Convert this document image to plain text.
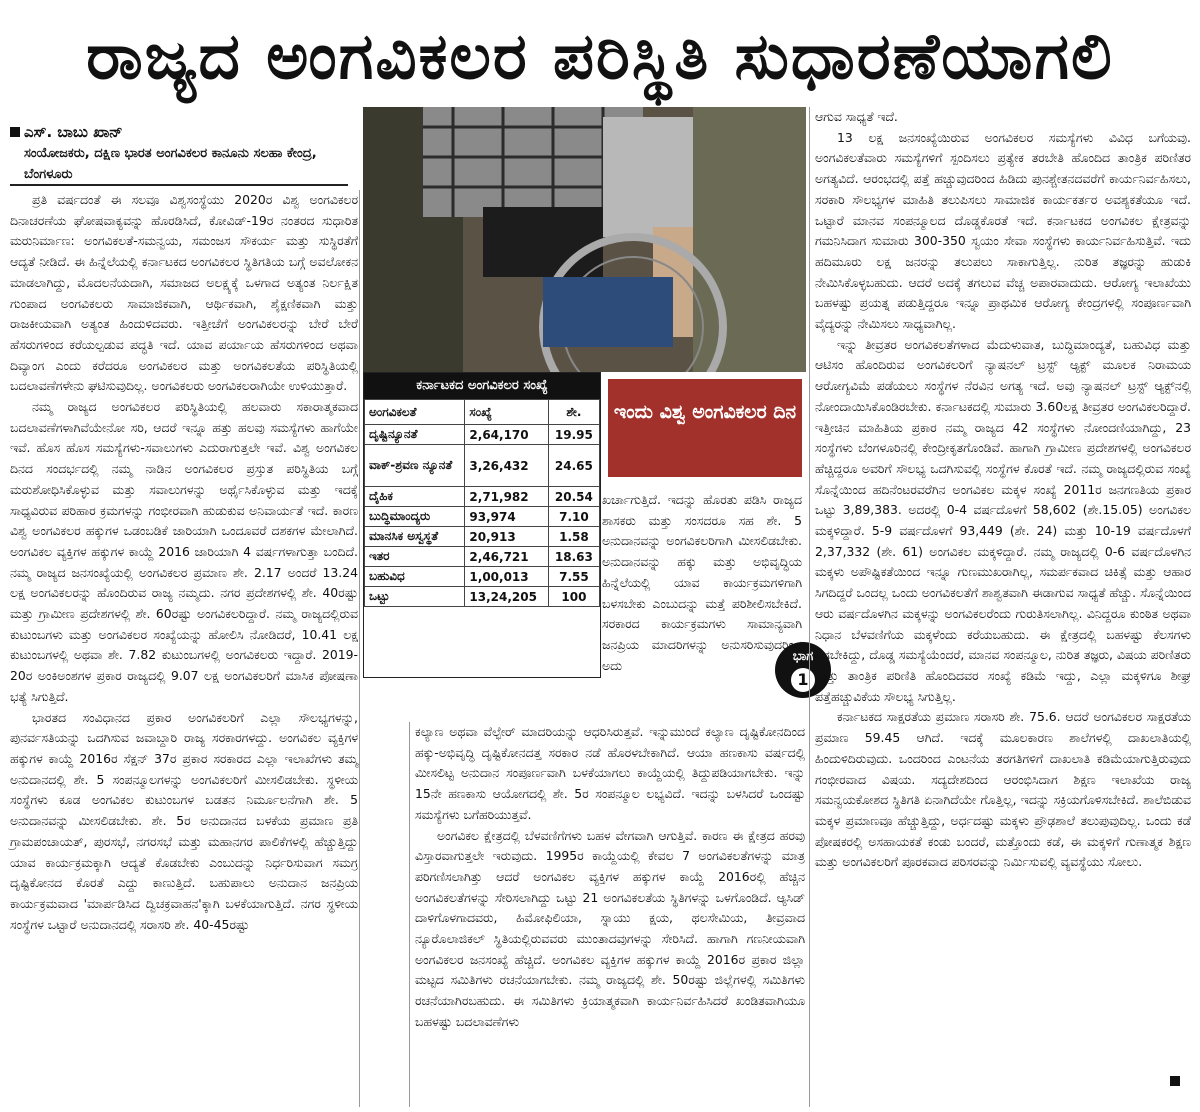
ರಾಜ್ಯದ ಅಂಗವಿಕಲರ ಪರಿಸ್ಥಿತಿ ಸುಧಾರಣೆಯಾಗಲಿ
ಎಸ್. ಬಾಬು ಖಾನ್
ಸಂಯೋಜಕರು, ದಕ್ಷಿಣ ಭಾರತ ಅಂಗವಿಕಲರ ಕಾನೂನು ಸಲಹಾ ಕೇಂದ್ರ, ಬೆಂಗಳೂರು
ಕರ್ನಾಟಕದ ಅಂಗವಿಕಲರ ಸಂಖ್ಯೆ
ಅಂಗವಿಕಲತೆ	ಸಂಖ್ಯೆ	ಶೇ.
ದೃಷ್ಟಿನ್ಯೂನತೆ	2,64,170	19.95
ವಾಕ್-ಶ್ರವಣ ನ್ಯೂನತೆ	3,26,432	24.65
ದೈಹಿಕ	2,71,982	20.54
ಬುದ್ಧಿಮಾಂದ್ಯರು	93,974	7.10
ಮಾನಸಿಕ ಅಸ್ವಸ್ಥತೆ	20,913	1.58
ಇತರ	2,46,721	18.63
ಬಹುವಿಧ	1,00,013	7.55
ಒಟ್ಟು	13,24,205	100
ಇಂದು ವಿಶ್ವ ಅಂಗವಿಕಲರ ದಿನ
ಭಾಗ
1

ಪ್ರತಿ ವರ್ಷದಂತೆ ಈ ಸಲವೂ ವಿಶ್ವಸಂಸ್ಥೆಯು 2020ರ ವಿಶ್ವ ಅಂಗವಿಕಲರ ದಿನಾಚರಣೆಯ ಘೋಷವಾಕ್ಯವನ್ನು ಹೊರಡಿಸಿದೆ, ಕೋವಿಡ್-19ರ ನಂತರದ ಸುಧಾರಿತ ಮರುನಿರ್ಮಾಣ: ಅಂಗವಿಕಲತೆ-ಸಮನ್ವಯ, ಸಮಂಜಸ ಸೌಕರ್ಯ ಮತ್ತು ಸುಸ್ಥಿರತೆಗೆ ಆದ್ಯತೆ ನೀಡಿದೆ. ಈ ಹಿನ್ನೆಲೆಯಲ್ಲಿ ಕರ್ನಾಟಕದ ಅಂಗವಿಕಲರ ಸ್ಥಿತಿಗತಿಯ ಬಗ್ಗೆ ಅವಲೋಕನ ಮಾಡಲಾಗಿದ್ದು, ಮೊದಲನೆಯದಾಗಿ, ಸಮಾಜದ ಅಲಕ್ಷ್ಯಕ್ಕೆ ಒಳಗಾದ ಅತ್ಯಂತ ನಿರ್ಲಕ್ಷಿತ ಗುಂಪಾದ ಅಂಗವಿಕಲರು ಸಾಮಾಜಿಕವಾಗಿ, ಆರ್ಥಿಕವಾಗಿ, ಶೈಕ್ಷಣಿಕವಾಗಿ ಮತ್ತು ರಾಜಕೀಯವಾಗಿ ಅತ್ಯಂತ ಹಿಂದುಳಿದವರು. ಇತ್ತೀಚೆಗೆ ಅಂಗವಿಕಲರನ್ನು ಬೇರೆ ಬೇರೆ ಹೆಸರುಗಳಿಂದ ಕರೆಯಲ್ಪಡುವ ಪದ್ಧತಿ ಇದೆ. ಯಾವ ಪರ್ಯಾಯ ಹೆಸರುಗಳಿಂದ ಅಥವಾ ದಿವ್ಯಾಂಗ ಎಂದು ಕರೆದರೂ ಅಂಗವಿಕಲರ ಮತ್ತು ಅಂಗವಿಕಲತೆಯ ಪರಿಸ್ಥಿತಿಯಲ್ಲಿ ಬದಲಾವಣೆಗಳೇನು ಘಟಿಸುವುದಿಲ್ಲ. ಅಂಗವಿಕಲರು ಅಂಗವಿಕಲರಾಗಿಯೇ ಉಳಿಯುತ್ತಾರೆ.

ನಮ್ಮ ರಾಜ್ಯದ ಅಂಗವಿಕಲರ ಪರಿಸ್ಥಿತಿಯಲ್ಲಿ ಹಲವಾರು ಸಕಾರಾತ್ಮಕವಾದ ಬದಲಾವಣೆಗಳಾಗಿವೆಯೇನೋ ಸರಿ, ಆದರೆ ಇನ್ನೂ ಹತ್ತು ಹಲವು ಸಮಸ್ಯೆಗಳು ಹಾಗೆಯೇ ಇವೆ. ಹೊಸ ಹೊಸ ಸಮಸ್ಯೆಗಳು-ಸವಾಲುಗಳು ಎದುರಾಗುತ್ತಲೇ ಇವೆ. ವಿಶ್ವ ಅಂಗವಿಕಲ ದಿನದ ಸಂದರ್ಭದಲ್ಲಿ ನಮ್ಮ ನಾಡಿನ ಅಂಗವಿಕಲರ ಪ್ರಸ್ತುತ ಪರಿಸ್ಥಿತಿಯ ಬಗ್ಗೆ ಮರುಶೋಧಿಸಿಕೊಳ್ಳುವ ಮತ್ತು ಸವಾಲುಗಳನ್ನು ಅರ್ಥೈಸಿಕೊಳ್ಳುವ ಮತ್ತು ಇದಕ್ಕೆ ಸಾಧ್ಯವಿರುವ ಪರಿಹಾರ ಕ್ರಮಗಳನ್ನು ಗಂಭೀರವಾಗಿ ಹುಡುಕುವ ಅನಿವಾರ್ಯತೆ ಇದೆ. ಕಾರಣ ವಿಶ್ವ ಅಂಗವಿಕಲರ ಹಕ್ಕುಗಳ ಒಡಂಬಡಿಕೆ ಜಾರಿಯಾಗಿ ಒಂದೂವರೆ ದಶಕಗಳ ಮೇಲಾಗಿದೆ. ಅಂಗವಿಕಲ ವ್ಯಕ್ತಿಗಳ ಹಕ್ಕುಗಳ ಕಾಯ್ದೆ 2016 ಜಾರಿಯಾಗಿ 4 ವರ್ಷಗಳಾಗುತ್ತಾ ಬಂದಿದೆ. ನಮ್ಮ ರಾಜ್ಯದ ಜನಸಂಖ್ಯೆಯಲ್ಲಿ ಅಂಗವಿಕಲರ ಪ್ರಮಾಣ ಶೇ. 2.17 ಅಂದರೆ 13.24 ಲಕ್ಷ ಅಂಗವಿಕಲರನ್ನು ಹೊಂದಿರುವ ರಾಜ್ಯ ನಮ್ಮದು. ನಗರ ಪ್ರದೇಶಗಳಲ್ಲಿ ಶೇ. 40ರಷ್ಟು ಮತ್ತು ಗ್ರಾಮೀಣ ಪ್ರದೇಶಗಳಲ್ಲಿ ಶೇ. 60ರಷ್ಟು ಅಂಗವಿಕಲರಿದ್ದಾರೆ. ನಮ್ಮ ರಾಜ್ಯದಲ್ಲಿರುವ ಕುಟುಂಬಗಳು ಮತ್ತು ಅಂಗವಿಕಲರ ಸಂಖ್ಯೆಯನ್ನು ಹೋಲಿಸಿ ನೋಡಿದರೆ, 10.41 ಲಕ್ಷ ಕುಟುಂಬಗಳಲ್ಲಿ ಅಥವಾ ಶೇ. 7.82 ಕುಟುಂಬಗಳಲ್ಲಿ ಅಂಗವಿಕಲರು ಇದ್ದಾರೆ. 2019-20ರ ಅಂಕಿಅಂಶಗಳ ಪ್ರಕಾರ ರಾಜ್ಯದಲ್ಲಿ 9.07 ಲಕ್ಷ ಅಂಗವಿಕಲರಿಗೆ ಮಾಸಿಕ ಪೋಷಣಾ ಭತ್ಯೆ ಸಿಗುತ್ತಿದೆ.

ಭಾರತದ ಸಂವಿಧಾನದ ಪ್ರಕಾರ ಅಂಗವಿಕಲರಿಗೆ ಎಲ್ಲಾ ಸೌಲಭ್ಯಗಳನ್ನು, ಪುನರ್ವಸತಿಯನ್ನು ಒದಗಿಸುವ ಜವಾಬ್ದಾರಿ ರಾಜ್ಯ ಸರಕಾರಗಳದ್ದು. ಅಂಗವಿಕಲ ವ್ಯಕ್ತಿಗಳ ಹಕ್ಕುಗಳ ಕಾಯ್ದೆ 2016ರ ಸೆಕ್ಷನ್ 37ರ ಪ್ರಕಾರ ಸರಕಾರದ ಎಲ್ಲಾ ಇಲಾಖೆಗಳು ತಮ್ಮ ಅನುದಾನದಲ್ಲಿ ಶೇ. 5 ಸಂಪನ್ಮೂಲಗಳನ್ನು ಅಂಗವಿಕಲರಿಗೆ ಮೀಸಲಿಡಬೇಕು. ಸ್ಥಳೀಯ ಸಂಸ್ಥೆಗಳು ಕೂಡ ಅಂಗವಿಕಲ ಕುಟುಂಬಗಳ ಬಡತನ ನಿರ್ಮೂಲನೆಗಾಗಿ ಶೇ. 5 ಅನುದಾನವನ್ನು ಮೀಸಲಿಡಬೇಕು. ಶೇ. 5ರ ಅನುದಾನದ ಬಳಕೆಯ ಪ್ರಮಾಣ ಪ್ರತಿ ಗ್ರಾಮಪಂಚಾಯತ್, ಪುರಸಭೆ, ನಗರಸಭೆ ಮತ್ತು ಮಹಾನಗರ ಪಾಲಿಕೆಗಳಲ್ಲಿ ಹೆಚ್ಚುತ್ತಿದ್ದು ಯಾವ ಕಾರ್ಯಕ್ರಮಕ್ಕಾಗಿ ಆದ್ಯತೆ ಕೊಡಬೇಕು ಎಂಬುದನ್ನು ನಿರ್ಧರಿಸುವಾಗ ಸಮಗ್ರ ದೃಷ್ಟಿಕೋನದ ಕೊರತೆ ಎದ್ದು ಕಾಣುತ್ತಿದೆ. ಬಹುಪಾಲು ಅನುದಾನ ಜನಪ್ರಿಯ ಕಾರ್ಯಕ್ರಮವಾದ 'ಮಾರ್ಪಡಿಸಿದ ದ್ವಿಚಕ್ರವಾಹನ'ಕ್ಕಾಗಿ ಬಳಕೆಯಾಗುತ್ತಿದೆ. ನಗರ ಸ್ಥಳೀಯ ಸಂಸ್ಥೆಗಳ ಒಟ್ಟಾರೆ ಅನುದಾನದಲ್ಲಿ ಸರಾಸರಿ ಶೇ. 40-45ರಷ್ಟು

ಖರ್ಚಾಗುತ್ತಿದೆ. ಇದನ್ನು ಹೊರತು ಪಡಿಸಿ ರಾಜ್ಯದ ಶಾಸಕರು ಮತ್ತು ಸಂಸದರೂ ಸಹ ಶೇ. 5 ಅನುದಾನವನ್ನು ಅಂಗವಿಕಲರಿಗಾಗಿ ಮೀಸಲಿಡಬೇಕು. ಅನುದಾನವನ್ನು ಹಕ್ಕು ಮತ್ತು ಅಭಿವೃದ್ಧಿಯ ಹಿನ್ನೆಲೆಯಲ್ಲಿ ಯಾವ ಕಾರ್ಯಕ್ರಮಗಳಿಗಾಗಿ ಬಳಸಬೇಕು ಎಂಬುದನ್ನು ಮತ್ತೆ ಪರಿಶೀಲಿಸಬೇಕಿದೆ. ಸರಕಾರದ ಕಾರ್ಯಕ್ರಮಗಳು ಸಾಮಾನ್ಯವಾಗಿ ಜನಪ್ರಿಯ ಮಾದರಿಗಳನ್ನು ಅನುಸರಿಸುವುದರಿಂದ ಅದು

ಕಲ್ಯಾಣ ಅಥವಾ ವೆಲ್ಫೇರ್ ಮಾದರಿಯನ್ನು ಆಧರಿಸಿರುತ್ತವೆ. ಇನ್ನುಮುಂದೆ ಕಲ್ಯಾಣ ದೃಷ್ಟಿಕೋನದಿಂದ ಹಕ್ಕು-ಅಭಿವೃದ್ಧಿ ದೃಷ್ಟಿಕೋನದತ್ತ ಸರಕಾರ ನಡೆ ಹೊರಳಬೇಕಾಗಿದೆ. ಆಯಾ ಹಣಕಾಸು ವರ್ಷದಲ್ಲಿ ಮೀಸಲಿಟ್ಟ ಅನುದಾನ ಸಂಪೂರ್ಣವಾಗಿ ಬಳಕೆಯಾಗಲು ಕಾಯ್ದೆಯಲ್ಲಿ ತಿದ್ದುಪಡಿಯಾಗಬೇಕು. ಇನ್ನು 15ನೇ ಹಣಕಾಸು ಆಯೋಗದಲ್ಲಿ ಶೇ. 5ರ ಸಂಪನ್ಮೂಲ ಲಭ್ಯವಿದೆ. ಇದನ್ನು ಬಳಸಿದರೆ ಒಂದಷ್ಟು ಸಮಸ್ಯೆಗಳು ಬಗೆಹರಿಯುತ್ತವೆ.

ಅಂಗವಿಕಲ ಕ್ಷೇತ್ರದಲ್ಲಿ ಬೆಳವಣಿಗೆಗಳು ಬಹಳ ವೇಗವಾಗಿ ಆಗುತ್ತಿವೆ. ಕಾರಣ ಈ ಕ್ಷೇತ್ರದ ಹರವು ವಿಸ್ತಾರವಾಗುತ್ತಲೇ ಇರುವುದು. 1995ರ ಕಾಯ್ದೆಯಲ್ಲಿ ಕೇವಲ 7 ಅಂಗವಿಕಲತೆಗಳನ್ನು ಮಾತ್ರ ಪರಿಗಣಿಸಲಾಗಿತ್ತು ಆದರೆ ಅಂಗವಿಕಲ ವ್ಯಕ್ತಿಗಳ ಹಕ್ಕುಗಳ ಕಾಯ್ದೆ 2016ರಲ್ಲಿ ಹೆಚ್ಚಿನ ಅಂಗವಿಕಲತೆಗಳನ್ನು ಸೇರಿಸಲಾಗಿದ್ದು ಒಟ್ಟು 21 ಅಂಗವಿಕಲತೆಯ ಸ್ಥಿತಿಗಳನ್ನು ಒಳಗೊಂಡಿದೆ. ಆ್ಯಸಿಡ್ ದಾಳಿಗೊಳಗಾದವರು, ಹಿಮೋಫಿಲಿಯಾ, ಸ್ನಾಯು ಕ್ಷಯ, ಥಲಸೇಮಿಯ, ತೀವ್ರವಾದ ನ್ಯೂರೊಲಾಜಿಕಲ್ ಸ್ಥಿತಿಯಲ್ಲಿರುವವರು ಮುಂತಾದವುಗಳನ್ನು ಸೇರಿಸಿದೆ. ಹಾಗಾಗಿ ಗಣನೀಯವಾಗಿ ಅಂಗವಿಕಲರ ಜನಸಂಖ್ಯೆ ಹೆಚ್ಚಿದೆ. ಅಂಗವಿಕಲ ವ್ಯಕ್ತಿಗಳ ಹಕ್ಕುಗಳ ಕಾಯ್ದೆ 2016ರ ಪ್ರಕಾರ ಜಿಲ್ಲಾ ಮಟ್ಟದ ಸಮಿತಿಗಳು ರಚನೆಯಾಗಬೇಕು. ನಮ್ಮ ರಾಜ್ಯದಲ್ಲಿ ಶೇ. 50ರಷ್ಟು ಜಿಲ್ಲೆಗಳಲ್ಲಿ ಸಮಿತಿಗಳು ರಚನೆಯಾಗಿರಬಹುದು. ಈ ಸಮಿತಿಗಳು ಕ್ರಿಯಾತ್ಮಕವಾಗಿ ಕಾರ್ಯನಿರ್ವಹಿಸಿದರೆ ಖಂಡಿತವಾಗಿಯೂ ಬಹಳಷ್ಟು ಬದಲಾವಣೆಗಳು

ಆಗುವ ಸಾಧ್ಯತೆ ಇದೆ.

13 ಲಕ್ಷ ಜನಸಂಖ್ಯೆಯಿರುವ ಅಂಗವಿಕಲರ ಸಮಸ್ಯೆಗಳು ವಿವಿಧ ಬಗೆಯವು. ಅಂಗವಿಕಲತೆವಾರು ಸಮಸ್ಯೆಗಳಿಗೆ ಸ್ಪಂದಿಸಲು ಪ್ರತ್ಯೇಕ ತರಬೇತಿ ಹೊಂದಿದ ತಾಂತ್ರಿಕ ಪರಿಣಿತರ ಅಗತ್ಯವಿದೆ. ಆರಂಭದಲ್ಲಿ ಪತ್ತೆ ಹಚ್ಚುವುದರಿಂದ ಹಿಡಿದು ಪುನಶ್ಚೇತನದವರೆಗೆ ಕಾರ್ಯನಿರ್ವಹಿಸಲು, ಸರಕಾರಿ ಸೌಲಭ್ಯಗಳ ಮಾಹಿತಿ ತಲುಪಿಸಲು ಸಾಮಾಜಿಕ ಕಾರ್ಯಕರ್ತರ ಅವಶ್ಯಕತೆಯೂ ಇದೆ. ಒಟ್ಟಾರೆ ಮಾನವ ಸಂಪನ್ಮೂಲದ ದೊಡ್ಡಕೊರತೆ ಇದೆ. ಕರ್ನಾಟಕದ ಅಂಗವಿಕಲ ಕ್ಷೇತ್ರವನ್ನು ಗಮನಿಸಿದಾಗ ಸುಮಾರು 300-350 ಸ್ವಯಂ ಸೇವಾ ಸಂಸ್ಥೆಗಳು ಕಾರ್ಯನಿರ್ವಹಿಸುತ್ತಿವೆ. ಇದು ಹದಿಮೂರು ಲಕ್ಷ ಜನರನ್ನು ತಲುಪಲು ಸಾಕಾಗುತ್ತಿಲ್ಲ. ನುರಿತ ತಜ್ಞರನ್ನು ಹುಡುಕಿ ನೇಮಿಸಿಕೊಳ್ಳಬಹುದು. ಆದರೆ ಅದಕ್ಕೆ ತಗಲುವ ವೆಚ್ಚ ಅಪಾರವಾದುದು. ಆರೋಗ್ಯ ಇಲಾಖೆಯು ಬಹಳಷ್ಟು ಪ್ರಯತ್ನ ಪಡುತ್ತಿದ್ದರೂ ಇನ್ನೂ ಪ್ರಾಥಮಿಕ ಆರೋಗ್ಯ ಕೇಂದ್ರಗಳಲ್ಲಿ ಸಂಪೂರ್ಣವಾಗಿ ವೈದ್ಯರನ್ನು ನೇಮಿಸಲು ಸಾಧ್ಯವಾಗಿಲ್ಲ.

ಇನ್ನು ತೀವ್ರತರ ಅಂಗವಿಕಲತೆಗಳಾದ ಮೆದುಳುವಾತ, ಬುದ್ಧಿಮಾಂದ್ಯತೆ, ಬಹುವಿಧ ಮತ್ತು ಆಟಿಸಂ ಹೊಂದಿರುವ ಅಂಗವಿಕಲರಿಗೆ ನ್ಯಾಷನಲ್ ಟ್ರಸ್ಟ್ ಆ್ಯಕ್ಟ್ ಮೂಲಕ ನಿರಾಮಯ ಆರೋಗ್ಯವಿಮೆ ಪಡೆಯಲು ಸಂಸ್ಥೆಗಳ ನೆರವಿನ ಅಗತ್ಯ ಇದೆ. ಅವು ನ್ಯಾಷನಲ್ ಟ್ರಸ್ಟ್ ಆ್ಯಕ್ಟ್‌ನಲ್ಲಿ ನೋಂದಾಯಿಸಿಕೊಂಡಿರಬೇಕು. ಕರ್ನಾಟಕದಲ್ಲಿ ಸುಮಾರು 3.60ಲಕ್ಷ ತೀವ್ರತರ ಅಂಗವಿಕಲರಿದ್ದಾರೆ. ಇತ್ತೀಚಿನ ಮಾಹಿತಿಯ ಪ್ರಕಾರ ನಮ್ಮ ರಾಜ್ಯದ 42 ಸಂಸ್ಥೆಗಳು ನೋಂದಣಿಯಾಗಿದ್ದು, 23 ಸಂಸ್ಥೆಗಳು ಬೆಂಗಳೂರಿನಲ್ಲಿ ಕೇಂದ್ರೀಕೃತಗೊಂಡಿವೆ. ಹಾಗಾಗಿ ಗ್ರಾಮೀಣ ಪ್ರದೇಶಗಳಲ್ಲಿ ಅಂಗವಿಕಲರ ಹೆಚ್ಚಿದ್ದರೂ ಅವರಿಗೆ ಸೌಲಭ್ಯ ಒದಗಿಸುವಲ್ಲಿ ಸಂಸ್ಥೆಗಳ ಕೊರತೆ ಇದೆ. ನಮ್ಮ ರಾಜ್ಯದಲ್ಲಿರುವ ಸಂಖ್ಯೆ ಸೊನ್ನೆಯಿಂದ ಹದಿನೆಂಟರವರೆಗಿನ ಅಂಗವಿಕಲ ಮಕ್ಕಳ ಸಂಖ್ಯೆ 2011ರ ಜನಗಣತಿಯ ಪ್ರಕಾರ ಒಟ್ಟು 3,89,383. ಅದರಲ್ಲಿ 0-4 ವರ್ಷದೊಳಗೆ 58,602 (ಶೇ.15.05) ಅಂಗವಿಕಲ ಮಕ್ಕಳಿದ್ದಾರೆ. 5-9 ವರ್ಷದೊಳಗೆ 93,449 (ಶೇ. 24) ಮತ್ತು 10-19 ವರ್ಷದೊಳಗೆ 2,37,332 (ಶೇ. 61) ಅಂಗವಿಕಲ ಮಕ್ಕಳಿದ್ದಾರೆ. ನಮ್ಮ ರಾಜ್ಯದಲ್ಲಿ 0-6 ವರ್ಷದೊಳಗಿನ ಮಕ್ಕಳು ಅಪೌಷ್ಟಿಕತೆಯಿಂದ ಇನ್ನೂ ಗುಣಮುಖರಾಗಿಲ್ಲ, ಸಮರ್ಪಕವಾದ ಚಿಕಿತ್ಸೆ ಮತ್ತು ಆಹಾರ ಸಿಗದಿದ್ದರೆ ಒಂದಲ್ಲ ಒಂದು ಅಂಗವಿಕಲತೆಗೆ ಶಾಶ್ವತವಾಗಿ ಈಡಾಗುವ ಸಾಧ್ಯತೆ ಹೆಚ್ಚು. ಸೊನ್ನೆಯಿಂದ ಆರು ವರ್ಷದೊಳಗಿನ ಮಕ್ಕಳನ್ನು ಅಂಗವಿಕಲರೆಂದು ಗುರುತಿಸಲಾಗಿಲ್ಲ. ವಿನಿದ್ದರೂ ಕುಂಠಿತ ಅಥವಾ ನಿಧಾನ ಬೆಳವಣಿಗೆಯ ಮಕ್ಕಳೆಂದು ಕರೆಯಬಹುದು. ಈ ಕ್ಷೇತ್ರದಲ್ಲಿ ಬಹಳಷ್ಟು ಕೆಲಸಗಳು ಆಗಬೇಕಿದ್ದು, ದೊಡ್ಡ ಸಮಸ್ಯೆಯೆಂದರೆ, ಮಾನವ ಸಂಪನ್ಮೂಲ, ನುರಿತ ತಜ್ಞರು, ವಿಷಯ ಪರಿಣಿತರು ಮತ್ತು ತಾಂತ್ರಿಕ ಪರಿಣಿತಿ ಹೊಂದಿದವರ ಸಂಖ್ಯೆ ಕಡಿಮೆ ಇದ್ದು, ಎಲ್ಲಾ ಮಕ್ಕಳಿಗೂ ಶೀಘ್ರ ಪತ್ತೆಹಚ್ಚುವಿಕೆಯ ಸೌಲಭ್ಯ ಸಿಗುತ್ತಿಲ್ಲ.

ಕರ್ನಾಟಕದ ಸಾಕ್ಷರತೆಯ ಪ್ರಮಾಣ ಸರಾಸರಿ ಶೇ. 75.6. ಆದರೆ ಅಂಗವಿಕಲರ ಸಾಕ್ಷರತೆಯ ಪ್ರಮಾಣ 59.45 ಆಗಿದೆ. ಇದಕ್ಕೆ ಮೂಲಕಾರಣ ಶಾಲೆಗಳಲ್ಲಿ ದಾಖಲಾತಿಯಲ್ಲಿ ಹಿಂದುಳಿದಿರುವುದು. ಒಂದರಿಂದ ಎಂಟನೆಯ ತರಗತಿಗಳಿಗೆ ದಾಖಲಾತಿ ಕಡಿಮೆಯಾಗುತ್ತಿರುವುದು ಗಂಭೀರವಾದ ವಿಷಯ. ಸದ್ಯದೇಶದಿಂದ ಆರಂಭಿಸಿದಾಗ ಶಿಕ್ಷಣ ಇಲಾಖೆಯ ರಾಜ್ಯ ಸಮನ್ವಯಕೋಶದ ಸ್ಥಿತಿಗತಿ ಏನಾಗಿದೆಯೇ ಗೊತ್ತಿಲ್ಲ, ಇದನ್ನು ಸಕ್ರಿಯಗೊಳಿಸಬೇಕಿದೆ. ಶಾಲೆಬಿಡುವ ಮಕ್ಕಳ ಪ್ರಮಾಣವೂ ಹೆಚ್ಚುತ್ತಿದ್ದು, ಅರ್ಧದಷ್ಟು ಮಕ್ಕಳು ಪ್ರೌಢಶಾಲೆ ತಲುಪುವುದಿಲ್ಲ. ಒಂದು ಕಡೆ ಪೋಷಕರಲ್ಲಿ ಅಸಹಾಯಕತೆ ಕಂಡು ಬಂದರೆ, ಮತ್ತೊಂದು ಕಡೆ, ಈ ಮಕ್ಕಳಿಗೆ ಗುಣಾತ್ಮಕ ಶಿಕ್ಷಣ ಮತ್ತು ಅಂಗವಿಕಲರಿಗೆ ಪೂರಕವಾದ ಪರಿಸರವನ್ನು ನಿರ್ಮಿಸುವಲ್ಲಿ ವ್ಯವಸ್ಥೆಯು ಸೋಲು.
